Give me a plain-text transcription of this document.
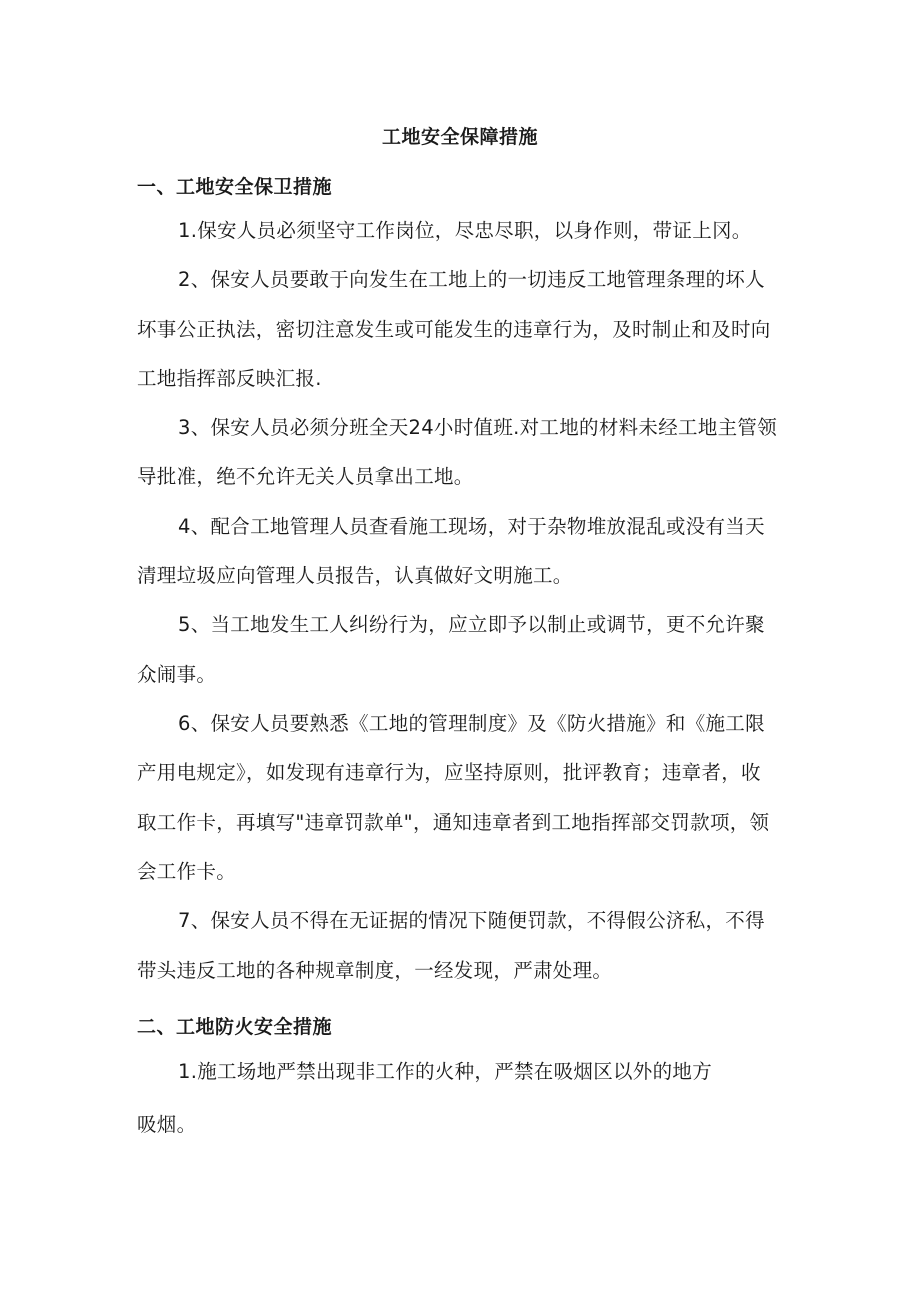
工地安全保障措施
一、工地安全保卫措施
1.保安人员必须坚守工作岗位，尽忠尽职，以身作则，带证上冈。
2、保安人员要敢于向发生在工地上的一切违反工地管理条理的坏人
坏事公正执法，密切注意发生或可能发生的违章行为，及时制止和及时向
工地指挥部反映汇报.
3、保安人员必须分班全天24小时值班.对工地的材料未经工地主管领
导批准，绝不允许无关人员拿出工地。
4、配合工地管理人员查看施工现场，对于杂物堆放混乱或没有当天
清理垃圾应向管理人员报告，认真做好文明施工。
5、当工地发生工人纠纷行为，应立即予以制止或调节，更不允许聚
众闹事。
6、保安人员要熟悉《工地的管理制度》及《防火措施》和《施工限
产用电规定》，如发现有违章行为，应坚持原则，批评教育；违章者，收
取工作卡，再填写"违章罚款单"，通知违章者到工地指挥部交罚款项，领
会工作卡。
7、保安人员不得在无证据的情况下随便罚款，不得假公济私，不得
带头违反工地的各种规章制度，一经发现，严肃处理。
二、工地防火安全措施
1.施工场地严禁出现非工作的火种，严禁在吸烟区以外的地方
吸烟。
